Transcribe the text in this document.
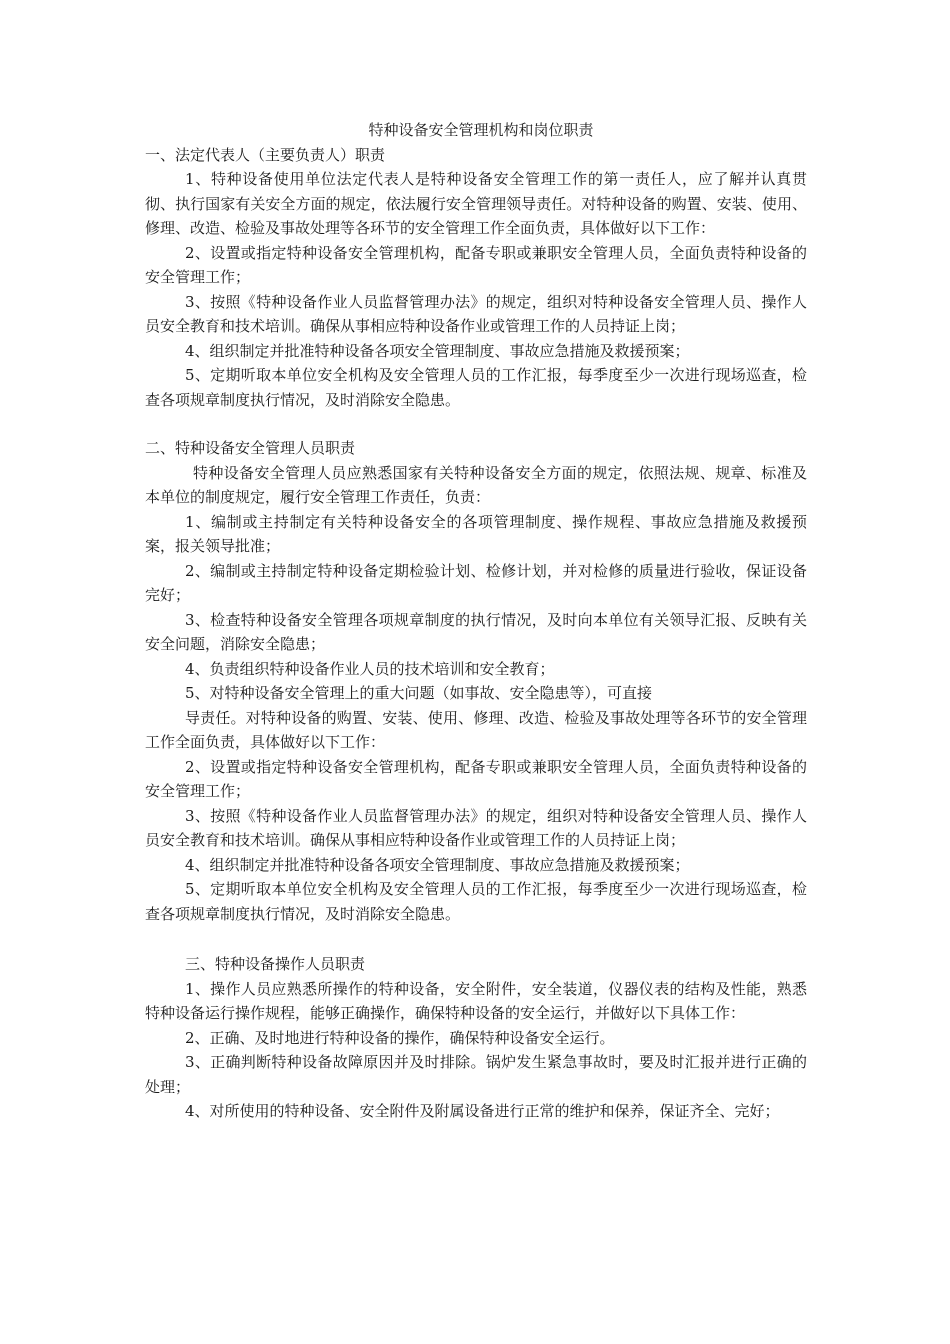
特种设备安全管理机构和岗位职责

一、法定代表人（主要负责人）职责

1、特种设备使用单位法定代表人是特种设备安全管理工作的第一责任人，应了解并认真贯彻、执行国家有关安全方面的规定，依法履行安全管理领导责任。对特种设备的购置、安装、使用、修理、改造、检验及事故处理等各环节的安全管理工作全面负责，具体做好以下工作：

2、设置或指定特种设备安全管理机构，配备专职或兼职安全管理人员，全面负责特种设备的安全管理工作；

3、按照《特种设备作业人员监督管理办法》的规定，组织对特种设备安全管理人员、操作人员安全教育和技术培训。确保从事相应特种设备作业或管理工作的人员持证上岗；

4、组织制定并批准特种设备各项安全管理制度、事故应急措施及救援预案；

5、定期听取本单位安全机构及安全管理人员的工作汇报，每季度至少一次进行现场巡查，检查各项规章制度执行情况，及时消除安全隐患。

二、特种设备安全管理人员职责

特种设备安全管理人员应熟悉国家有关特种设备安全方面的规定，依照法规、规章、标准及本单位的制度规定，履行安全管理工作责任，负责：

1、编制或主持制定有关特种设备安全的各项管理制度、操作规程、事故应急措施及救援预案，报关领导批准；

2、编制或主持制定特种设备定期检验计划、检修计划，并对检修的质量进行验收，保证设备完好；

3、检查特种设备安全管理各项规章制度的执行情况，及时向本单位有关领导汇报、反映有关安全问题，消除安全隐患；

4、负责组织特种设备作业人员的技术培训和安全教育；

5、对特种设备安全管理上的重大问题（如事故、安全隐患等），可直接

导责任。对特种设备的购置、安装、使用、修理、改造、检验及事故处理等各环节的安全管理工作全面负责，具体做好以下工作：

2、设置或指定特种设备安全管理机构，配备专职或兼职安全管理人员，全面负责特种设备的安全管理工作；

3、按照《特种设备作业人员监督管理办法》的规定，组织对特种设备安全管理人员、操作人员安全教育和技术培训。确保从事相应特种设备作业或管理工作的人员持证上岗；

4、组织制定并批准特种设备各项安全管理制度、事故应急措施及救援预案；

5、定期听取本单位安全机构及安全管理人员的工作汇报，每季度至少一次进行现场巡查，检查各项规章制度执行情况，及时消除安全隐患。

三、特种设备操作人员职责

1、操作人员应熟悉所操作的特种设备，安全附件，安全装道，仪器仪表的结构及性能，熟悉特种设备运行操作规程，能够正确操作，确保特种设备的安全运行，并做好以下具体工作：

2、正确、及时地进行特种设备的操作，确保特种设备安全运行。

3、正确判断特种设备故障原因并及时排除。锅炉发生紧急事故时，要及时汇报并进行正确的处理；

4、对所使用的特种设备、安全附件及附属设备进行正常的维护和保养，保证齐全、完好；
